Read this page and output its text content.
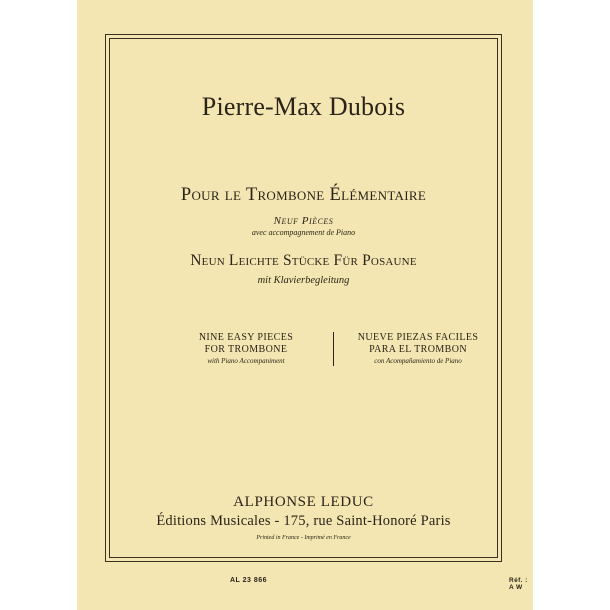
Pierre-Max Dubois
Pour le Trombone Élémentaire
Neuf Pièces
avec accompagnement de Piano
Neun Leichte Stücke Für Posaune
mit Klavierbegleitung
NINE EASY PIECES
FOR TROMBONE
with Piano Accompaniment
NUEVE PIEZAS FACILES
PARA EL TROMBON
con Acompañamiento de Piano
ALPHONSE LEDUC
Éditions Musicales - 175, rue Saint-Honoré Paris
Printed in France - Imprimé en France
AL 23 866	Réf. : A W
